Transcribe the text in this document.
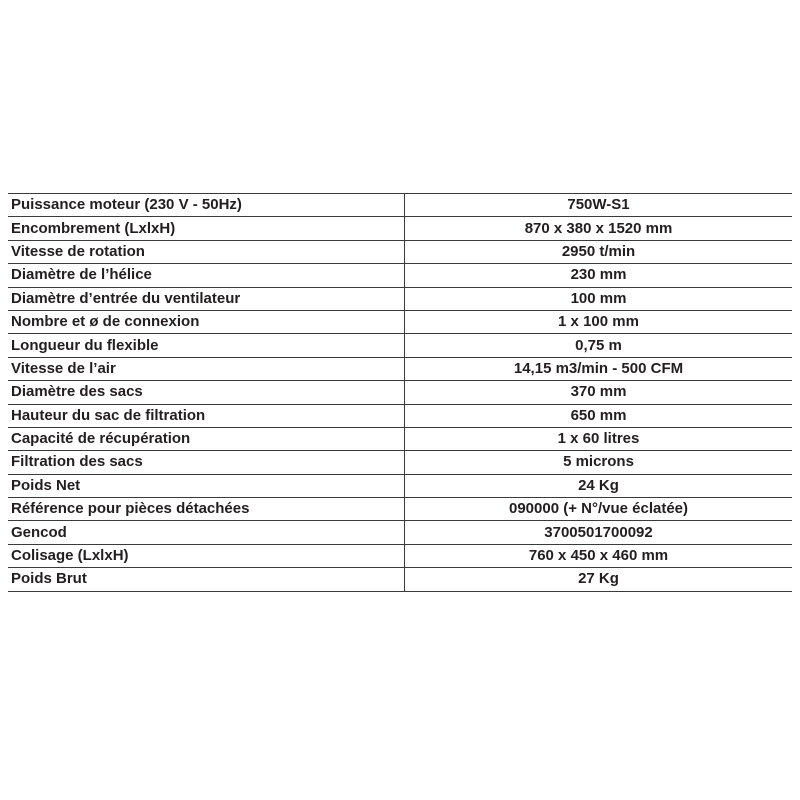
Puissance moteur (230 V - 50Hz)	750W-S1
Encombrement (LxlxH)	870 x 380 x 1520 mm
Vitesse de rotation	2950 t/min
Diamètre de l’hélice	230 mm
Diamètre d’entrée du ventilateur	100 mm
Nombre et ø de connexion	1 x 100 mm
Longueur du flexible	0,75 m
Vitesse de l’air	14,15 m3/min - 500 CFM
Diamètre des sacs	370 mm
Hauteur du sac de filtration	650 mm
Capacité de récupération	1 x 60 litres
Filtration des sacs	5 microns
Poids Net	24 Kg
Référence pour pièces détachées	090000 (+ N°/vue éclatée)
Gencod	3700501700092
Colisage (LxlxH)	760 x 450 x 460 mm
Poids Brut	27 Kg
